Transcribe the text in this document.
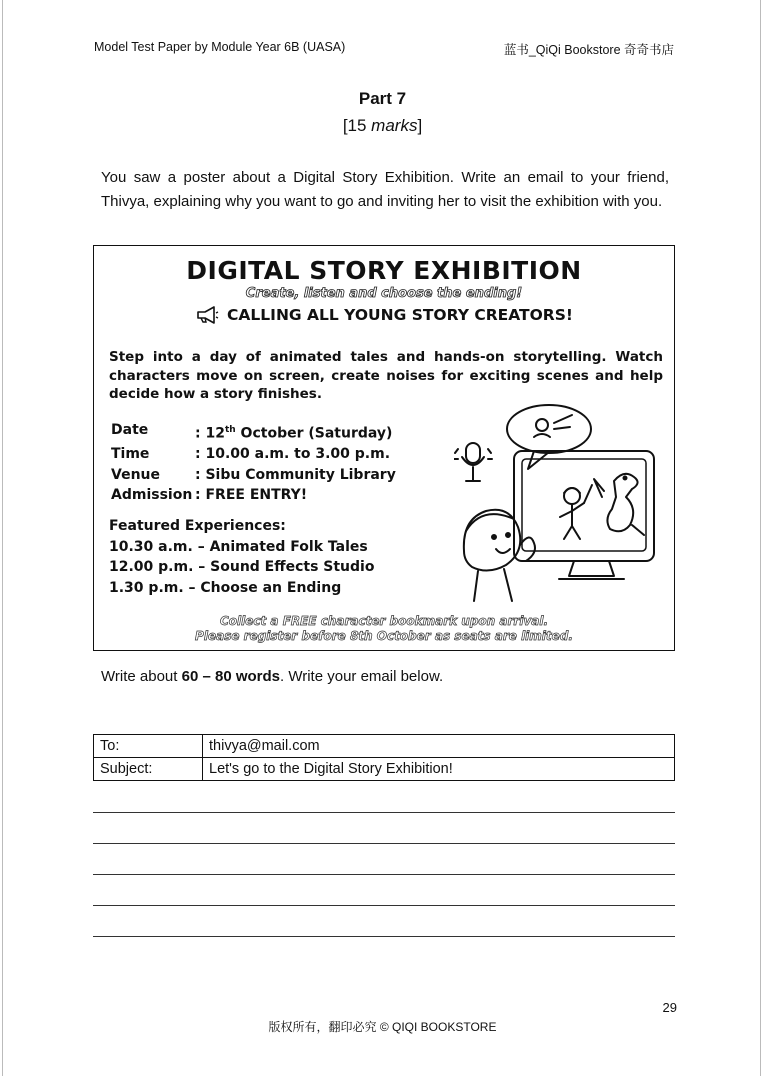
Model Test Paper by Module Year 6B (UASA)	蓝书_QiQi Bookstore 奇奇书店
Part 7
[15 marks]
You saw a poster about a Digital Story Exhibition. Write an email to your friend, Thivya, explaining why you want to go and inviting her to visit the exhibition with you.
DIGITAL STORY EXHIBITION
Create, listen and choose the ending!
CALLING ALL YOUNG STORY CREATORS!
Step into a day of animated tales and hands-on storytelling. Watch characters move on screen, create noises for exciting scenes and help decide how a story finishes.
Date	: 12th October (Saturday)
Time	: 10.00 a.m. to 3.00 p.m.
Venue	: Sibu Community Library
Admission : FREE ENTRY!
Featured Experiences:
10.30 a.m. – Animated Folk Tales
12.00 p.m. – Sound Effects Studio
1.30 p.m. – Choose an Ending
Collect a FREE character bookmark upon arrival.
Please register before 8th October as seats are limited.
Write about 60 – 80 words. Write your email below.
To:	thivya@mail.com
Subject:	Let's go to the Digital Story Exhibition!
29
版权所有，翻印必究 © QIQI BOOKSTORE
